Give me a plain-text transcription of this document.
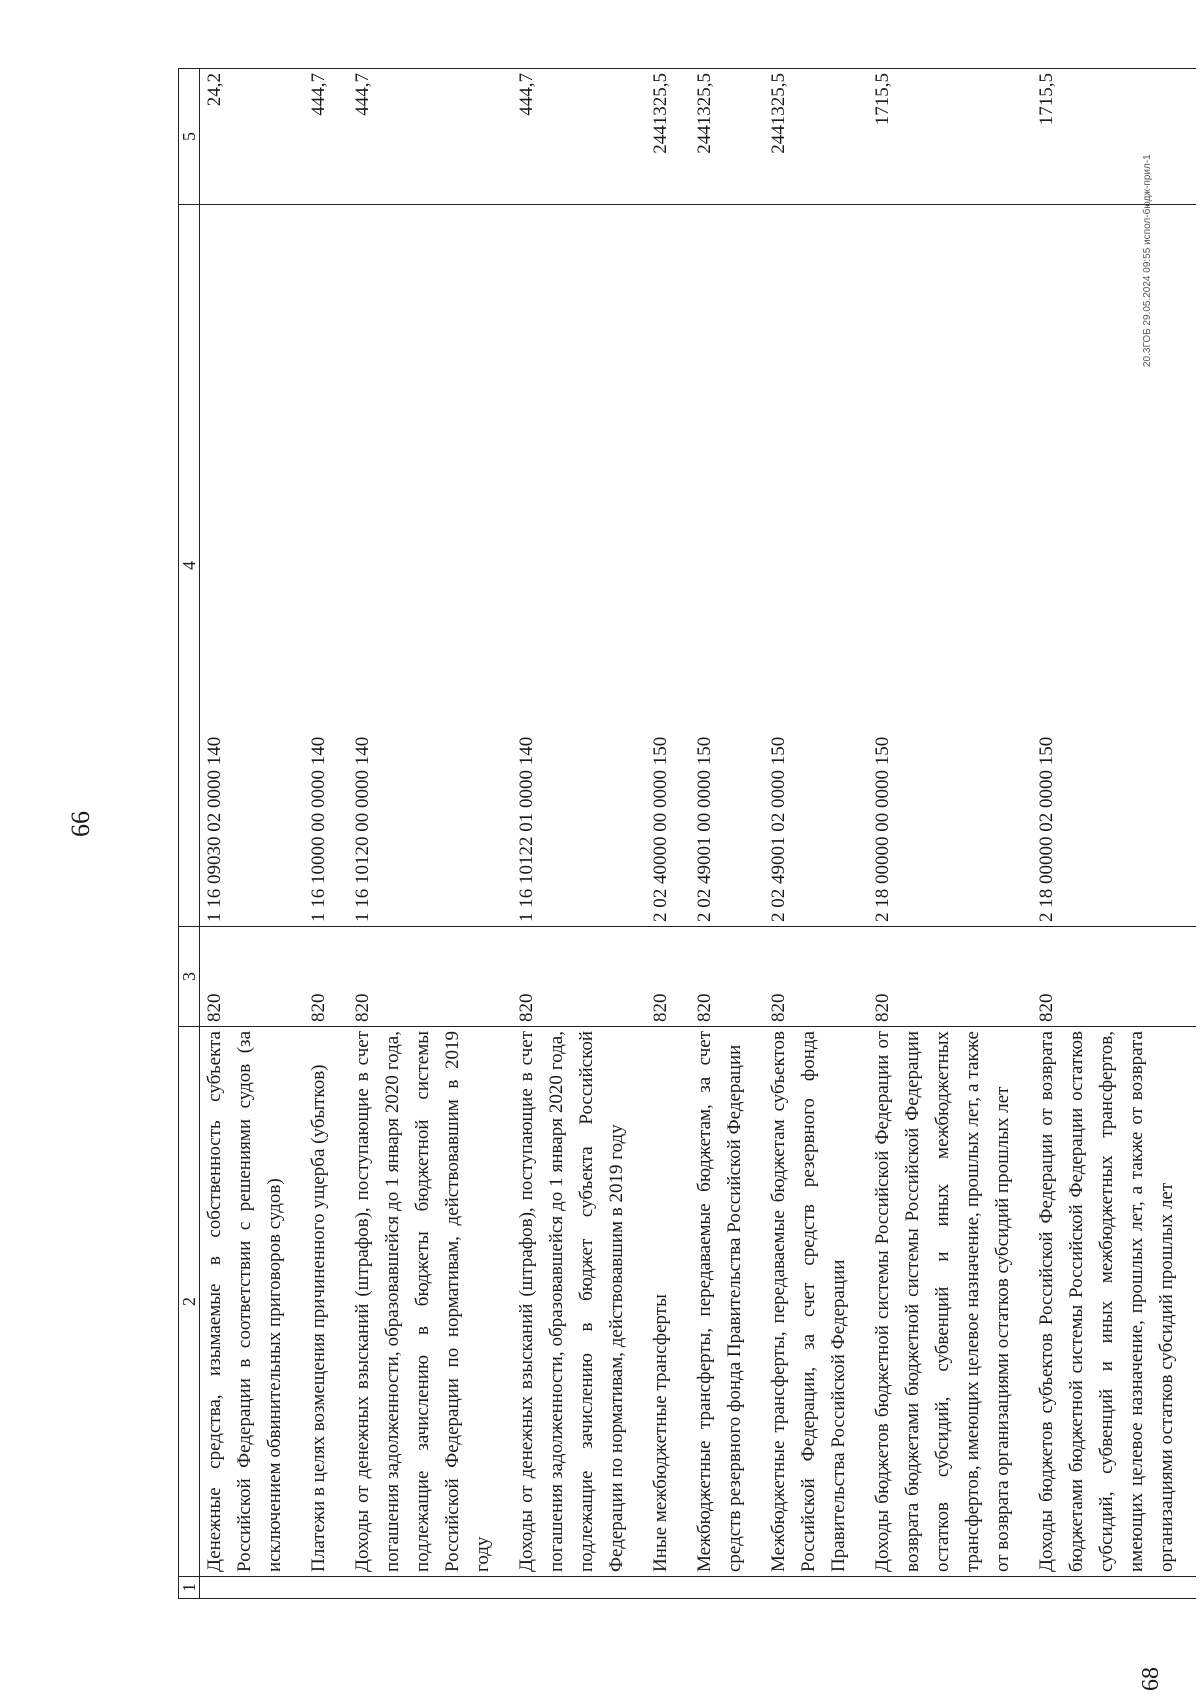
66
1	2	3	4	5
	Денежные средства, изымаемые в собственность субъекта Российской Федерации в соответствии с решениями судов (за исключением обвинительных приговоров судов)	820	1 16 09030 02 0000 140	24,2
	Платежи в целях возмещения причиненного ущерба (убытков)	820	1 16 10000 00 0000 140	444,7
	Доходы от денежных взысканий (штрафов), поступающие в счет погашения задолженности, образовавшейся до 1 января 2020 года, подлежащие зачислению в бюджеты бюджетной системы Российской Федерации по нормативам, действовавшим в 2019 году	820	1 16 10120 00 0000 140	444,7
	Доходы от денежных взысканий (штрафов), поступающие в счет погашения задолженности, образовавшейся до 1 января 2020 года, подлежащие зачислению в бюджет субъекта Российской Федерации по нормативам, действовавшим в 2019 году	820	1 16 10122 01 0000 140	444,7
	Иные межбюджетные трансферты	820	2 02 40000 00 0000 150	2441325,5
	Межбюджетные трансферты, передаваемые бюджетам, за счет средств резервного фонда Правительства Российской Федерации	820	2 02 49001 00 0000 150	2441325,5
	Межбюджетные трансферты, передаваемые бюджетам субъектов Российской Федерации, за счет средств резервного фонда Правительства Российской Федерации	820	2 02 49001 02 0000 150	2441325,5
	Доходы бюджетов бюджетной системы Российской Федерации от возврата бюджетами бюджетной системы Российской Федерации остатков субсидий, субвенций и иных межбюджетных трансфертов, имеющих целевое назначение, прошлых лет, а также от возврата организациями остатков субсидий прошлых лет	820	2 18 00000 00 0000 150	1715,5
	Доходы бюджетов субъектов Российской Федерации от возврата бюджетами бюджетной системы Российской Федерации остатков субсидий, субвенций и иных межбюджетных трансфертов, имеющих целевое назначение, прошлых лет, а также от возврата организациями остатков субсидий прошлых лет	820	2 18 00000 02 0000 150	1715,5
68
20.3ГОБ 29.05.2024 09:55 испол-бюдж-прил-1
